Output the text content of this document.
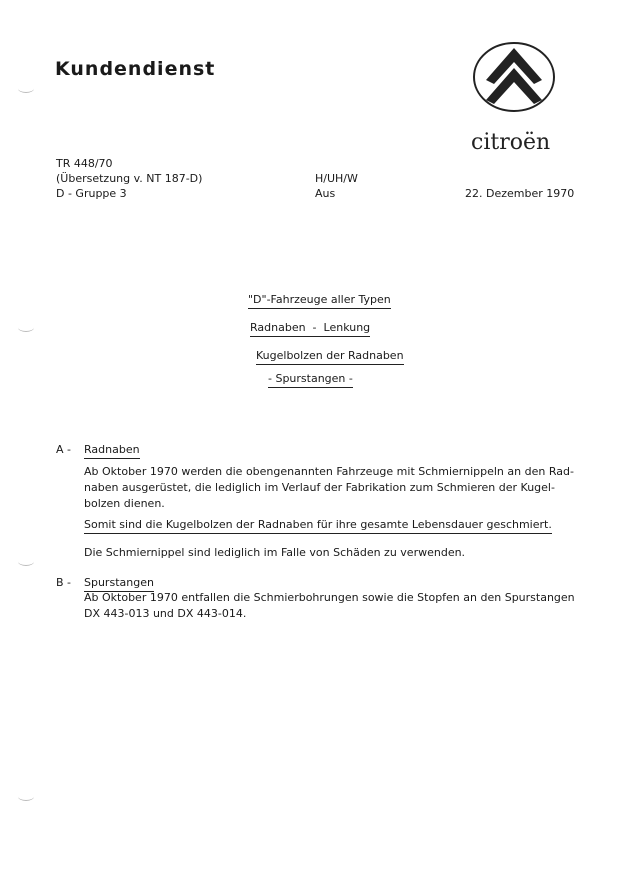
Kundendienst
citroën
TR 448/70
(Übersetzung v. NT 187-D)
D - Gruppe 3
H/UH/W
Aus	22. Dezember 1970
"D"-Fahrzeuge aller Typen
Radnaben  -  Lenkung
Kugelbolzen der Radnaben
- Spurstangen -
A - Radnaben
Ab Oktober 1970 werden die obengenannten Fahrzeuge mit Schmiernippeln an den Rad-
naben ausgerüstet, die lediglich im Verlauf der Fabrikation zum Schmieren der Kugel-
bolzen dienen.
Somit sind die Kugelbolzen der Radnaben für ihre gesamte Lebensdauer geschmiert.
Die Schmiernippel sind lediglich im Falle von Schäden zu verwenden.
B - Spurstangen
Ab Oktober 1970 entfallen die Schmierbohrungen sowie die Stopfen an den Spurstangen
DX 443-013 und DX 443-014.
